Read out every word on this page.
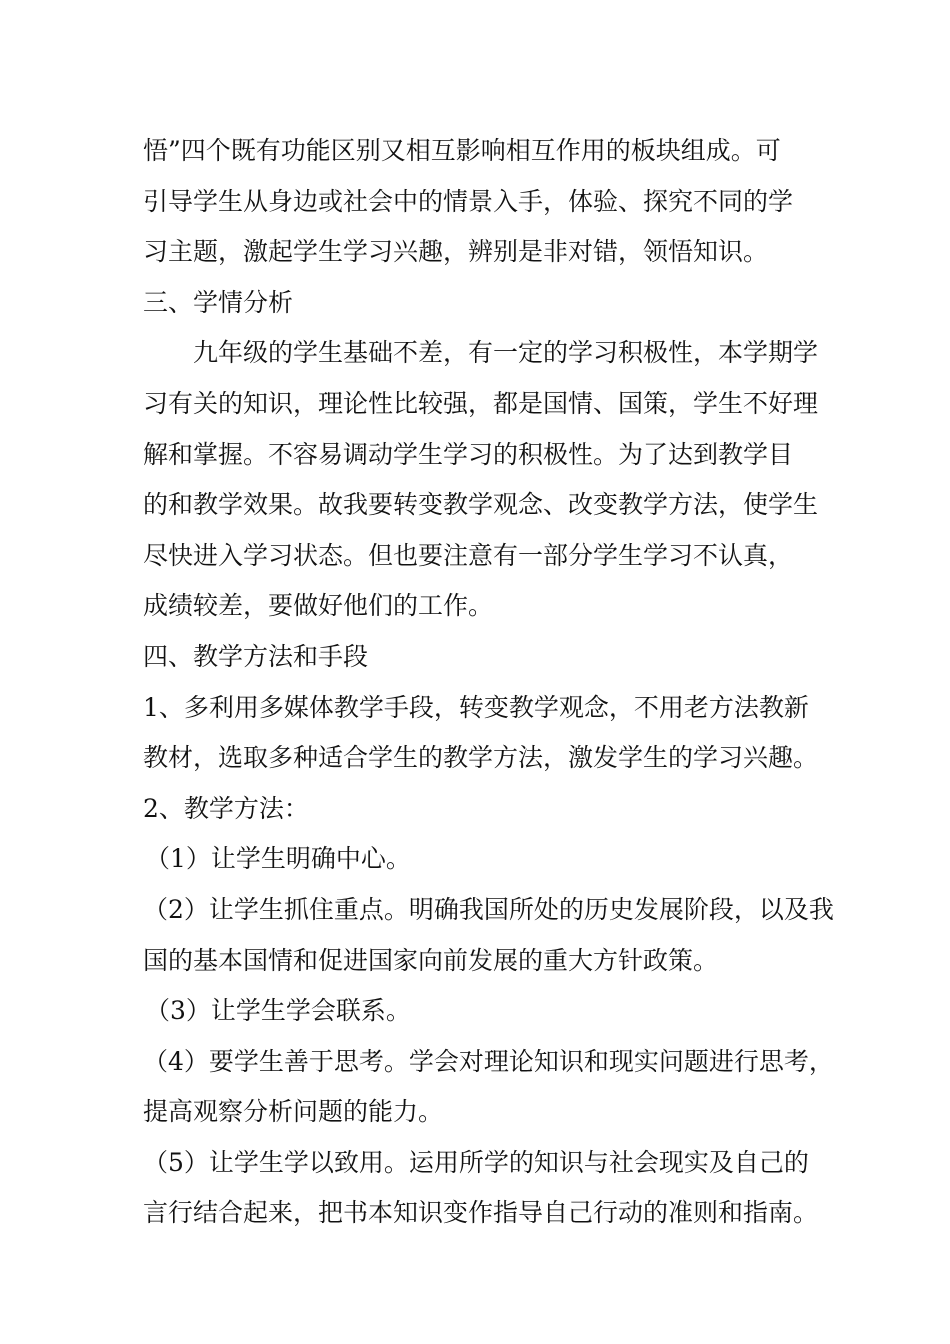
悟”四个既有功能区别又相互影响相互作用的板块组成。可

引导学生从身边或社会中的情景入手，体验、探究不同的学

习主题，激起学生学习兴趣，辨别是非对错，领悟知识。

三、学情分析

九年级的学生基础不差，有一定的学习积极性，本学期学

习有关的知识，理论性比较强，都是国情、国策，学生不好理

解和掌握。不容易调动学生学习的积极性。为了达到教学目

的和教学效果。故我要转变教学观念、改变教学方法，使学生

尽快进入学习状态。但也要注意有一部分学生学习不认真，

成绩较差，要做好他们的工作。

四、教学方法和手段

1、多利用多媒体教学手段，转变教学观念，不用老方法教新

教材，选取多种适合学生的教学方法，激发学生的学习兴趣。

2、教学方法：

（1）让学生明确中心。

（2）让学生抓住重点。明确我国所处的历史发展阶段，以及我

国的基本国情和促进国家向前发展的重大方针政策。

（3）让学生学会联系。

（4）要学生善于思考。学会对理论知识和现实问题进行思考，

提高观察分析问题的能力。

（5）让学生学以致用。运用所学的知识与社会现实及自己的

言行结合起来，把书本知识变作指导自己行动的准则和指南。
